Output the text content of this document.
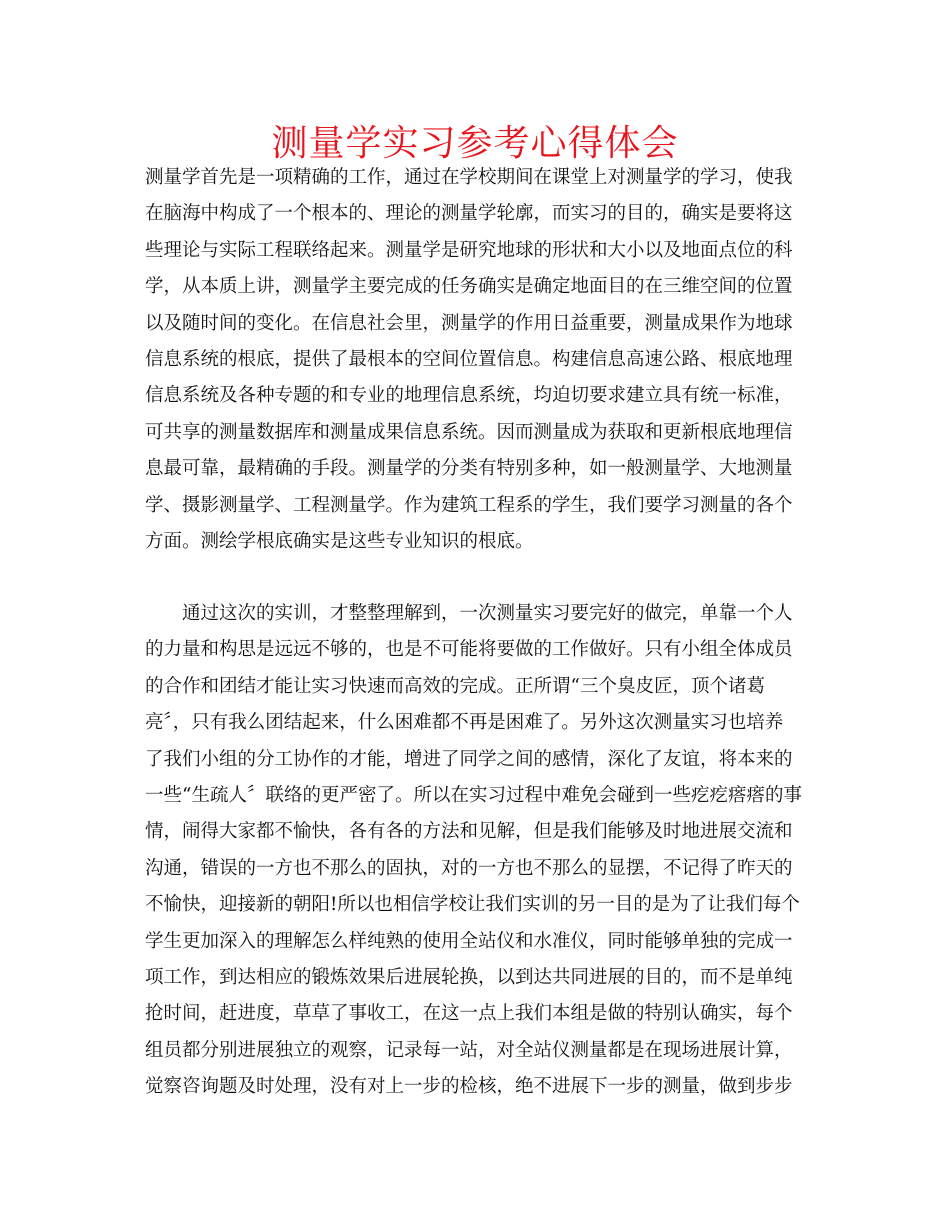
测量学实习参考心得体会
测量学首先是一项精确的工作，通过在学校期间在课堂上对测量学的学习，使我
在脑海中构成了一个根本的、理论的测量学轮廓，而实习的目的，确实是要将这
些理论与实际工程联络起来。测量学是研究地球的形状和大小以及地面点位的科
学，从本质上讲，测量学主要完成的任务确实是确定地面目的在三维空间的位置
以及随时间的变化。在信息社会里，测量学的作用日益重要，测量成果作为地球
信息系统的根底，提供了最根本的空间位置信息。构建信息高速公路、根底地理
信息系统及各种专题的和专业的地理信息系统，均迫切要求建立具有统一标准，
可共享的测量数据库和测量成果信息系统。因而测量成为获取和更新根底地理信
息最可靠，最精确的手段。测量学的分类有特别多种，如一般测量学、大地测量
学、摄影测量学、工程测量学。作为建筑工程系的学生，我们要学习测量的各个
方面。测绘学根底确实是这些专业知识的根底。
通过这次的实训，才整整理解到，一次测量实习要完好的做完，单靠一个人
的力量和构思是远远不够的，也是不可能将要做的工作做好。只有小组全体成员
的合作和团结才能让实习快速而高效的完成。正所谓“三个臭皮匠，顶个诸葛
亮〞，只有我么团结起来，什么困难都不再是困难了。另外这次测量实习也培养
了我们小组的分工协作的才能，增进了同学之间的感情，深化了友谊，将本来的
一些“生疏人〞联络的更严密了。所以在实习过程中难免会碰到一些疙疙瘩瘩的事
情，闹得大家都不愉快，各有各的方法和见解，但是我们能够及时地进展交流和
沟通，错误的一方也不那么的固执，对的一方也不那么的显摆，不记得了昨天的
不愉快，迎接新的朝阳!所以也相信学校让我们实训的另一目的是为了让我们每个
学生更加深入的理解怎么样纯熟的使用全站仪和水准仪，同时能够单独的完成一
项工作，到达相应的锻炼效果后进展轮换，以到达共同进展的目的，而不是单纯
抢时间，赶进度，草草了事收工，在这一点上我们本组是做的特别认确实，每个
组员都分别进展独立的观察，记录每一站，对全站仪测量都是在现场进展计算，
觉察咨询题及时处理，没有对上一步的检核，绝不进展下一步的测量，做到步步
